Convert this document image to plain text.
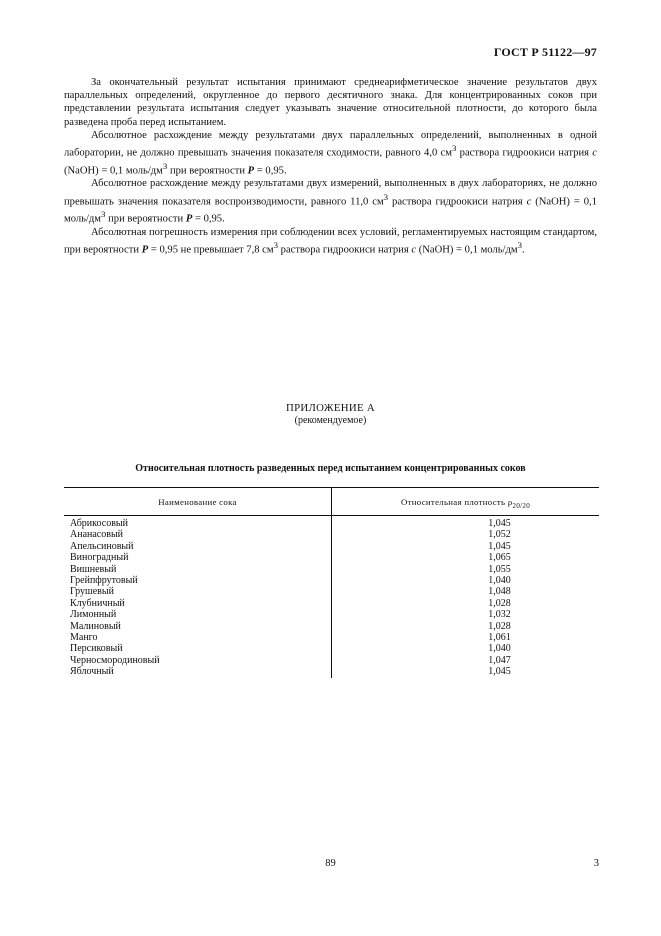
ГОСТ Р 51122—97

За окончательный результат испытания принимают среднеарифметическое значение результатов двух параллельных определений, округленное до первого десятичного знака. Для концентрированных соков при представлении результата испытания следует указывать значение относительной плотности, до которого была разведена проба перед испытанием.

Абсолютное расхождение между результатами двух параллельных определений, выполненных в одной лаборатории, не должно превышать значения показателя сходимости, равного 4,0 $см^3$ раствора гидроокиси натрия c (NaOH) = 0,1 моль/$дм^3$ при вероятности P = 0,95.

Абсолютное расхождение между результатами двух измерений, выполненных в двух лабораториях, не должно превышать значения показателя воспроизводимости, равного 11,0 $см^3$ раствора гидроокиси натрия c (NaOH) = 0,1 моль/$дм^3$ при вероятности P = 0,95.

Абсолютная погрешность измерения при соблюдении всех условий, регламентируемых настоящим стандартом, при вероятности P = 0,95 не превышает 7,8 $см^3$ раствора гидроокиси натрия c (NaOH) = 0,1 моль/$дм^3$.

ПРИЛОЖЕНИЕ А
(рекомендуемое)
Относительная плотность разведенных перед испытанием концентрированных соков
Наименование сока	Относительная плотность $\rho_{20/20}$
Абрикосовый	1,045
Ананасовый	1,052
Апельсиновый	1,045
Виноградный	1,065
Вишневый	1,055
Грейпфрутовый	1,040
Грушевый	1,048
Клубничный	1,028
Лимонный	1,032
Малиновый	1,028
Манго	1,061
Персиковый	1,040
Черносмородиновый	1,047
Яблочный	1,045
89	3
